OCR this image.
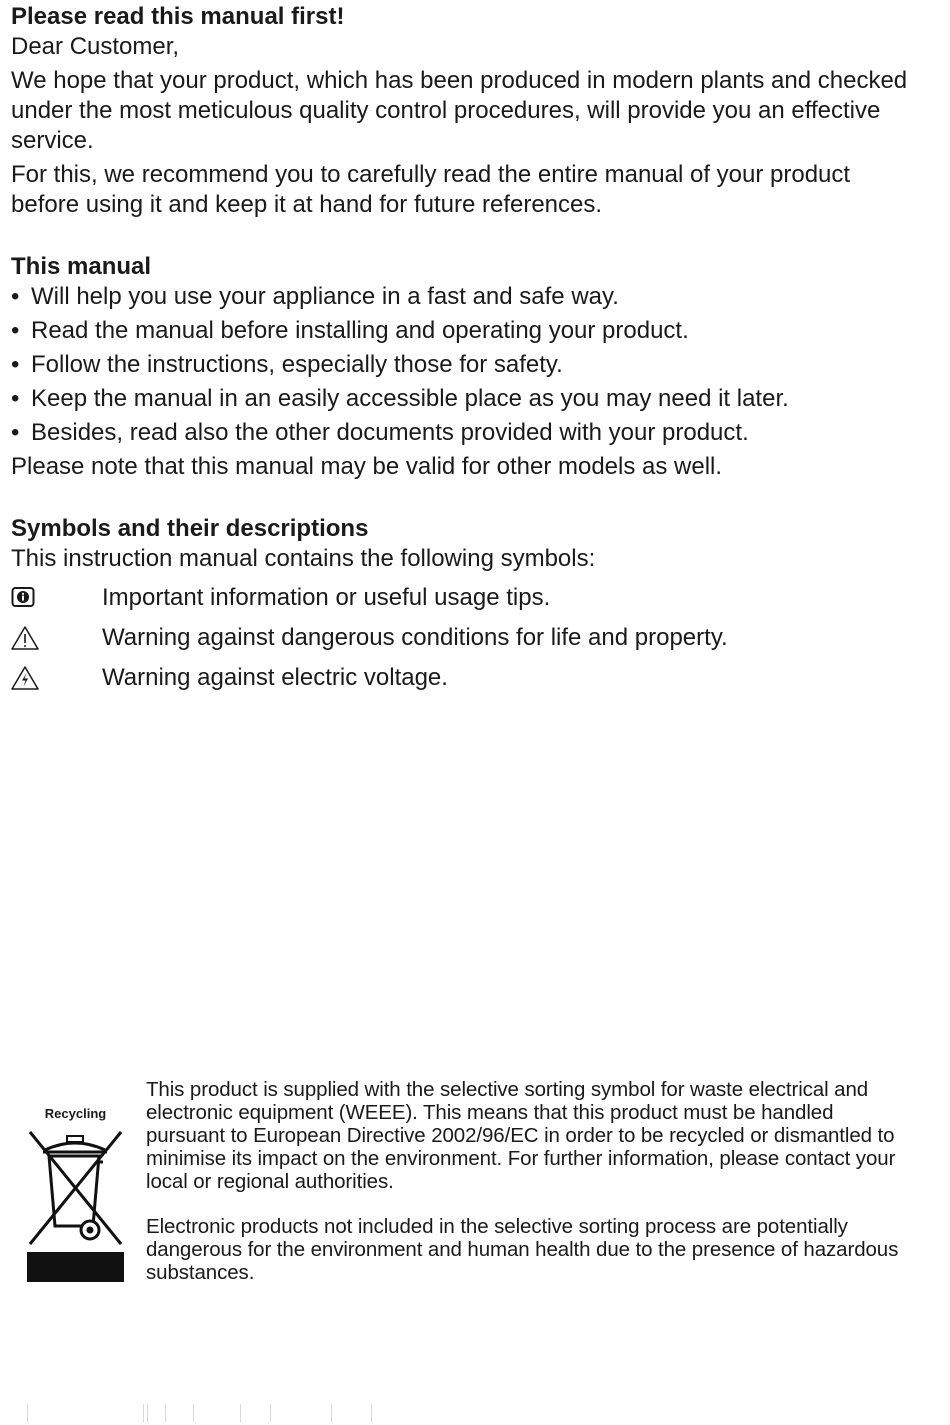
Please read this manual first!

Dear Customer,

We hope that your product, which has been produced in modern plants and checked under the most meticulous quality control procedures, will provide you an effective service.

For this, we recommend you to carefully read the entire manual of your product before using it and keep it at hand for future references.

This manual
• Will help you use your appliance in a fast and safe way.
• Read the manual before installing and operating your product.
• Follow the instructions, especially those for safety.
• Keep the manual in an easily accessible place as you may need it later.
• Besides, read also the other documents provided with your product.

Please note that this manual may be valid for other models as well.

Symbols and their descriptions

This instruction manual contains the following symbols:

Important information or useful usage tips.
Warning against dangerous conditions for life and property.
Warning against electric voltage.
Recycling

This product is supplied with the selective sorting symbol for waste electrical and electronic equipment (WEEE). This means that this product must be handled pursuant to European Directive 2002/96/EC in order to be recycled or dismantled to minimise its impact on the environment. For further information, please contact your local or regional authorities.

Electronic products not included in the selective sorting process are potentially dangerous for the environment and human health due to the presence of hazardous substances.
